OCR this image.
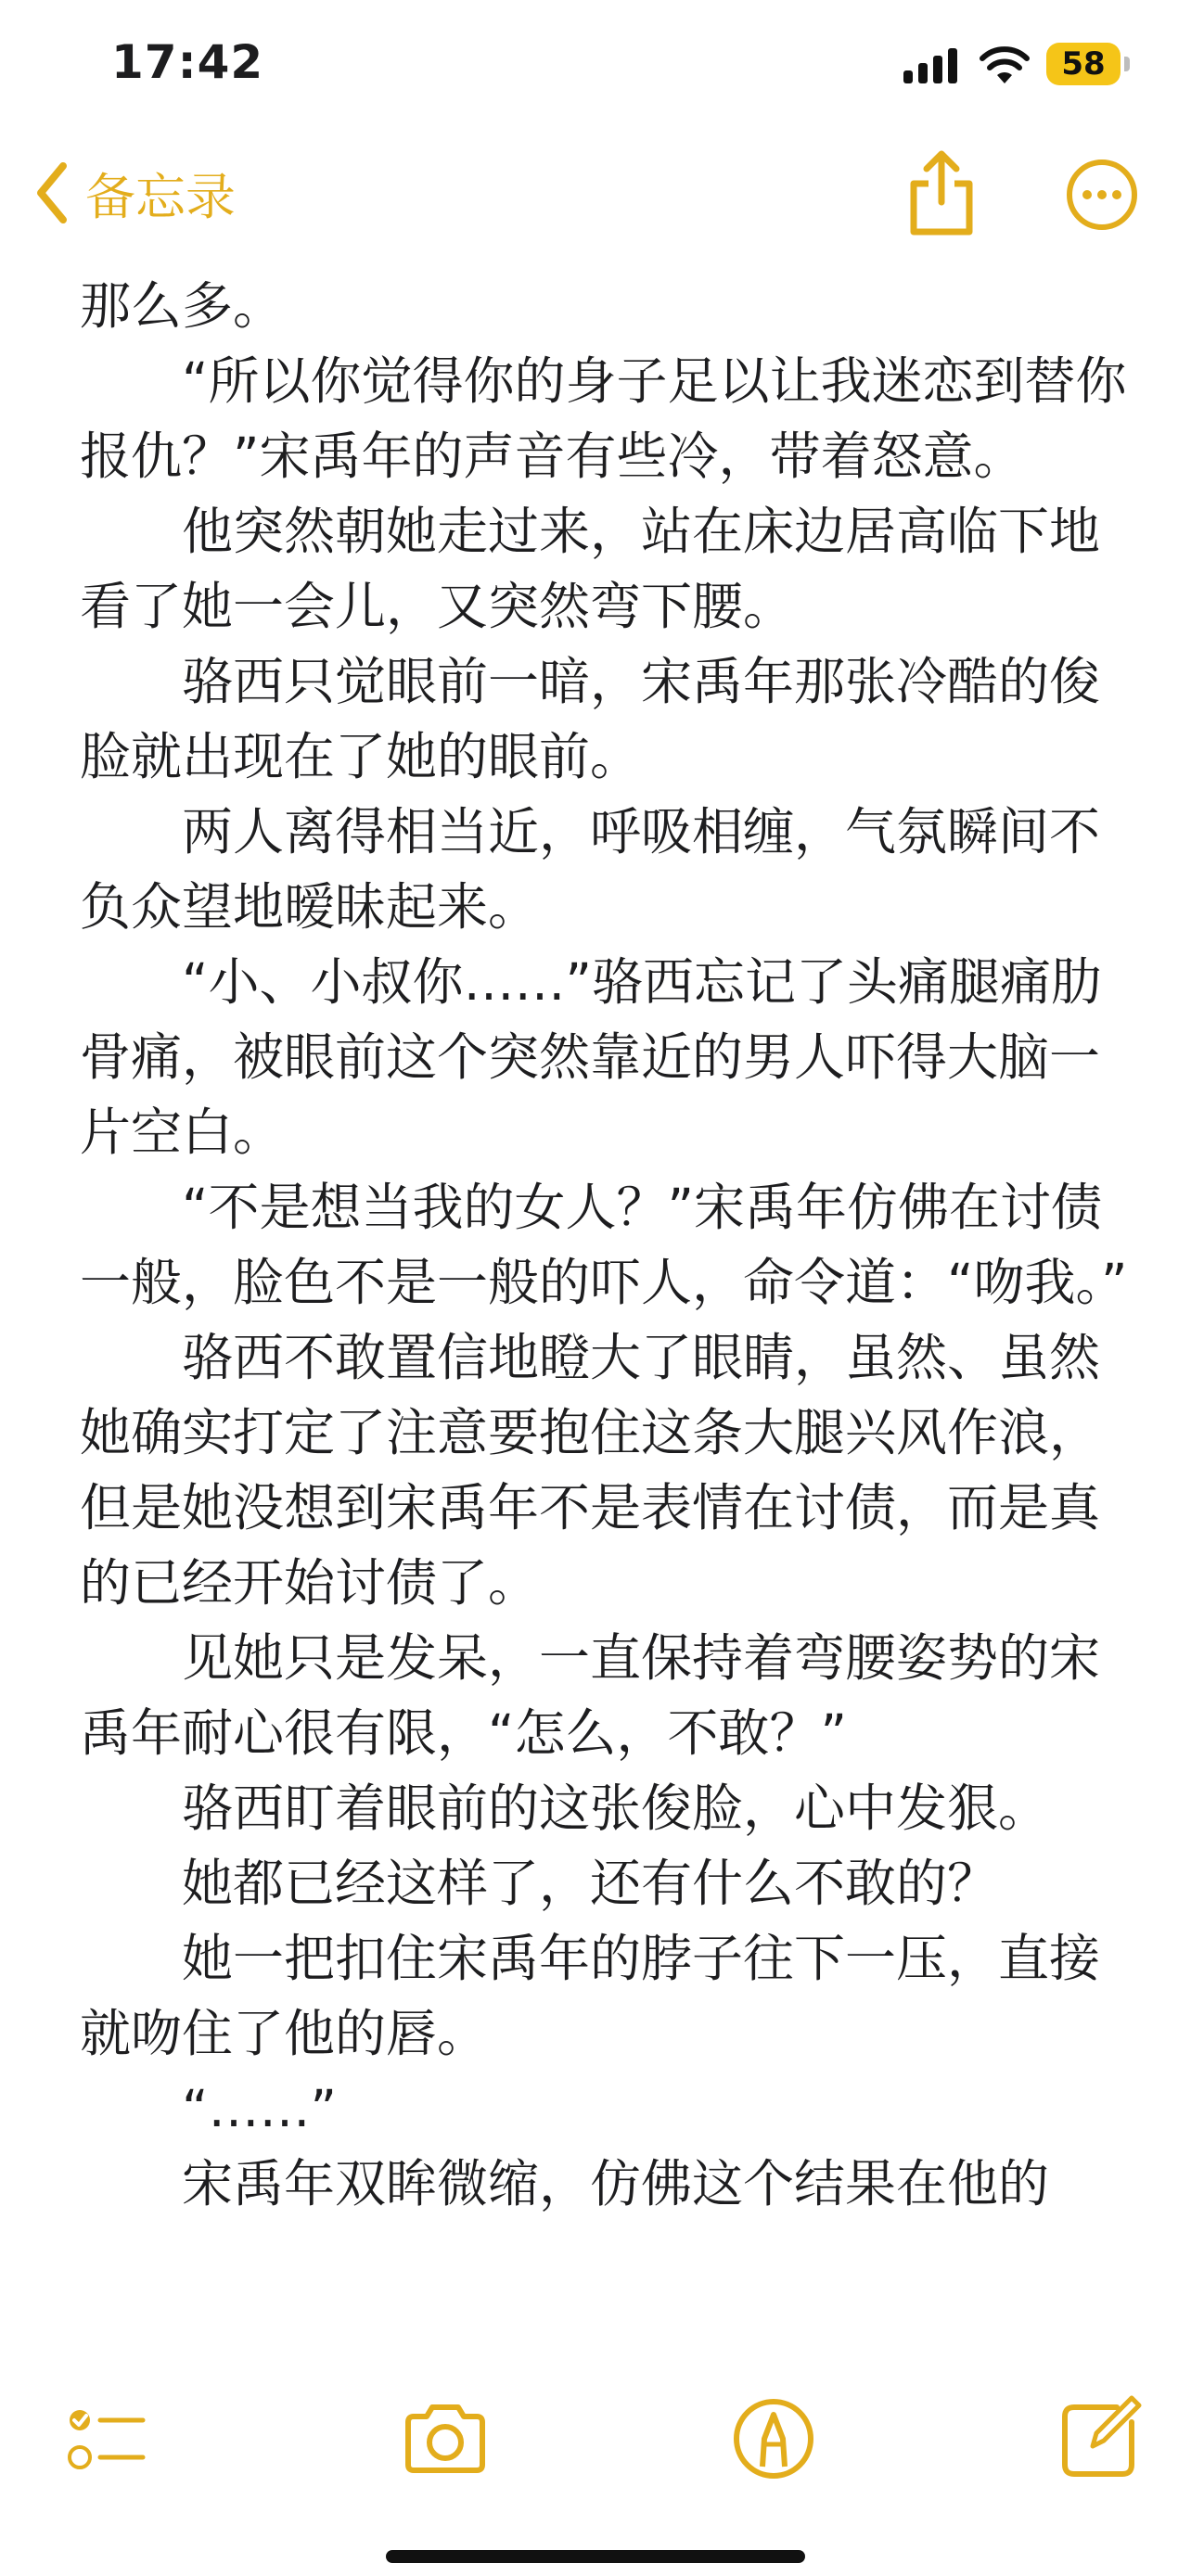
17:42	58
备忘录

那么多。

“所以你觉得你的身子足以让我迷恋到替你报仇？”宋禹年的声音有些冷，带着怒意。

他突然朝她走过来，站在床边居高临下地看了她一会儿，又突然弯下腰。

骆西只觉眼前一暗，宋禹年那张冷酷的俊脸就出现在了她的眼前。

两人离得相当近，呼吸相缠，气氛瞬间不负众望地暧昧起来。

“小、小叔你……”骆西忘记了头痛腿痛肋骨痛，被眼前这个突然靠近的男人吓得大脑一片空白。

“不是想当我的女人？”宋禹年仿佛在讨债一般，脸色不是一般的吓人，命令道：“吻我。”

骆西不敢置信地瞪大了眼睛，虽然、虽然她确实打定了注意要抱住这条大腿兴风作浪，但是她没想到宋禹年不是表情在讨债，而是真的已经开始讨债了。

见她只是发呆，一直保持着弯腰姿势的宋禹年耐心很有限，“怎么，不敢？”

骆西盯着眼前的这张俊脸，心中发狠。

她都已经这样了，还有什么不敢的？

她一把扣住宋禹年的脖子往下一压，直接就吻住了他的唇。

“……”

宋禹年双眸微缩，仿佛这个结果在他的
